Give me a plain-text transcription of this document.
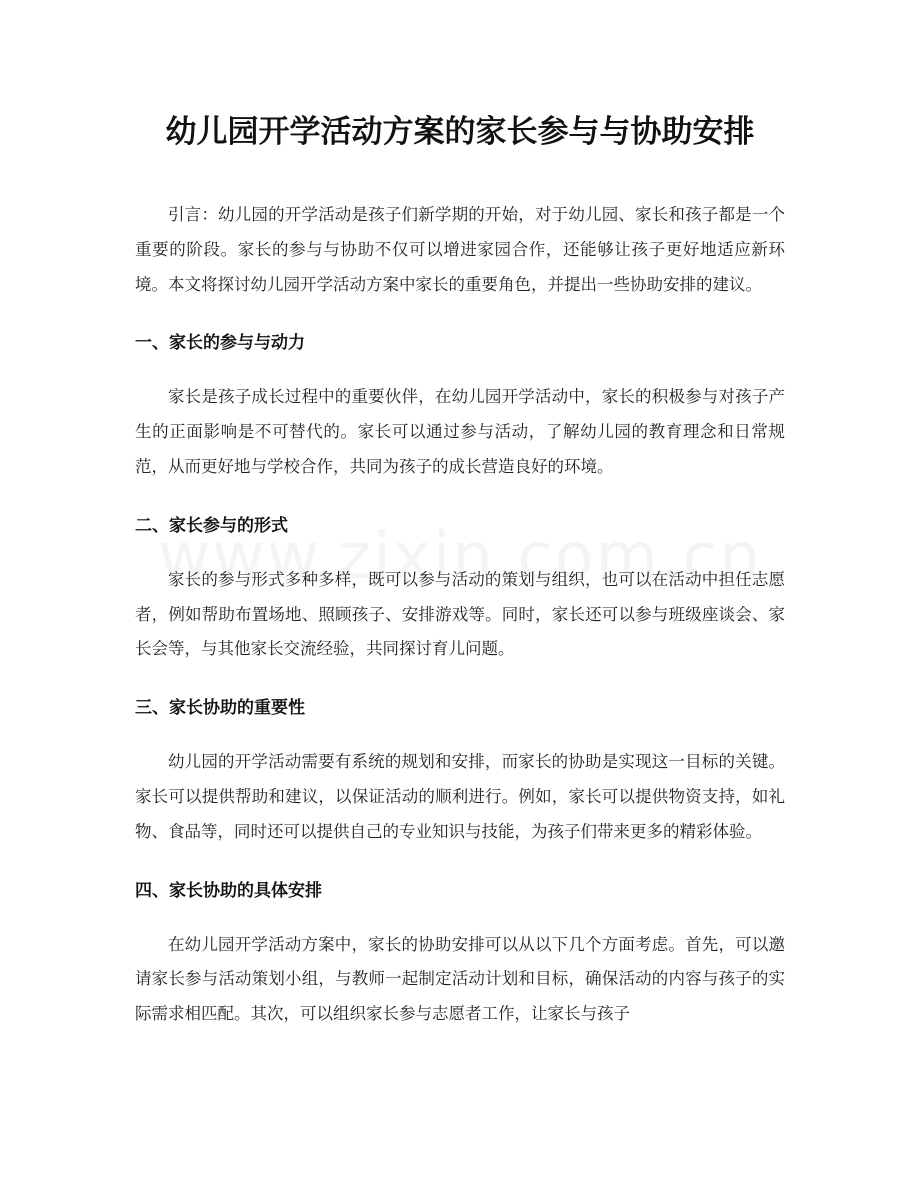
幼儿园开学活动方案的家长参与与协助安排

引言：幼儿园的开学活动是孩子们新学期的开始，对于幼儿园、家长和孩子都是一个重要的阶段。家长的参与与协助不仅可以增进家园合作，还能够让孩子更好地适应新环境。本文将探讨幼儿园开学活动方案中家长的重要角色，并提出一些协助安排的建议。

一、家长的参与与动力

家长是孩子成长过程中的重要伙伴，在幼儿园开学活动中，家长的积极参与对孩子产生的正面影响是不可替代的。家长可以通过参与活动，了解幼儿园的教育理念和日常规范，从而更好地与学校合作，共同为孩子的成长营造良好的环境。

二、家长参与的形式

家长的参与形式多种多样，既可以参与活动的策划与组织，也可以在活动中担任志愿者，例如帮助布置场地、照顾孩子、安排游戏等。同时，家长还可以参与班级座谈会、家长会等，与其他家长交流经验，共同探讨育儿问题。

三、家长协助的重要性

幼儿园的开学活动需要有系统的规划和安排，而家长的协助是实现这一目标的关键。家长可以提供帮助和建议，以保证活动的顺利进行。例如，家长可以提供物资支持，如礼物、食品等，同时还可以提供自己的专业知识与技能，为孩子们带来更多的精彩体验。

四、家长协助的具体安排

在幼儿园开学活动方案中，家长的协助安排可以从以下几个方面考虑。首先，可以邀请家长参与活动策划小组，与教师一起制定活动计划和目标，确保活动的内容与孩子的实际需求相匹配。其次，可以组织家长参与志愿者工作，让家长与孩子
